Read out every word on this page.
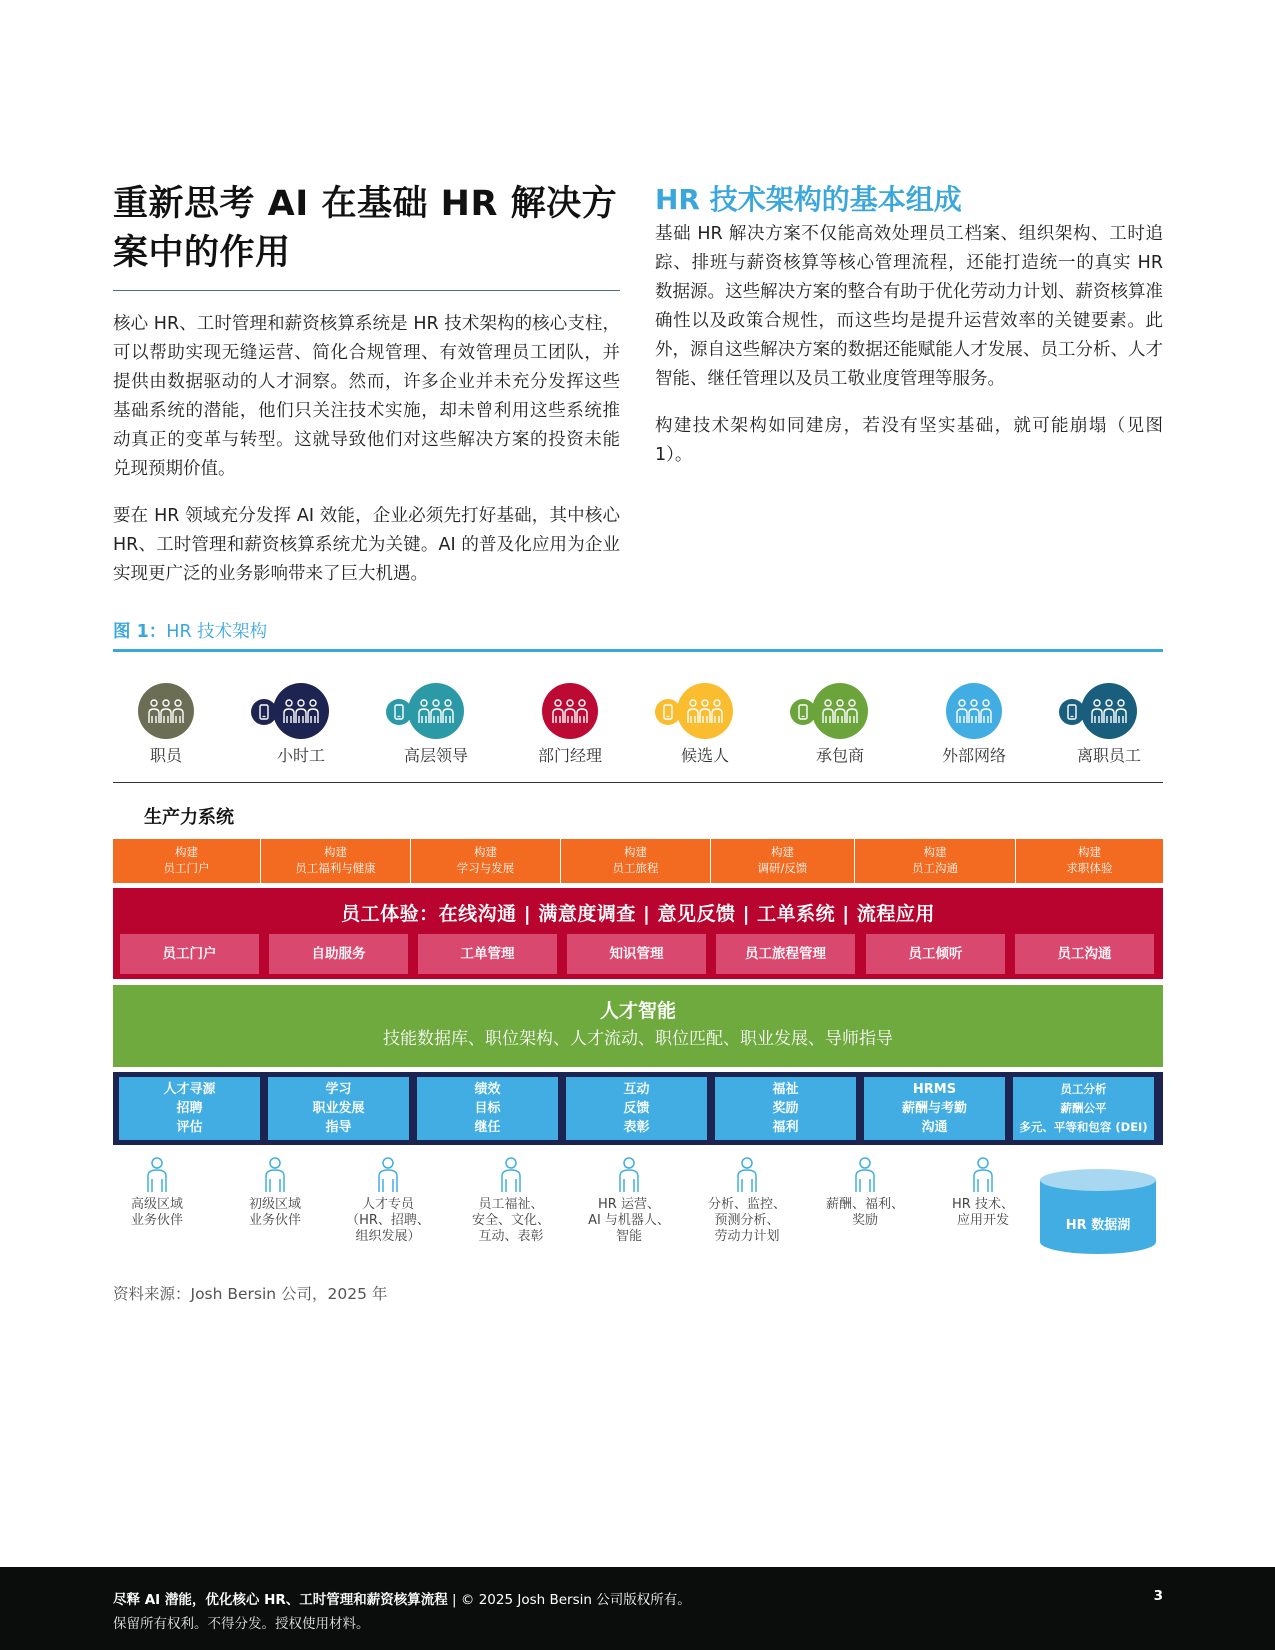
重新思考 AI 在基础 HR 解决方案中的作用

核心 HR、工时管理和薪资核算系统是 HR 技术架构的核心支柱，可以帮助实现无缝运营、简化合规管理、有效管理员工团队，并提供由数据驱动的人才洞察。然而，许多企业并未充分发挥这些基础系统的潜能，他们只关注技术实施，却未曾利用这些系统推动真正的变革与转型。这就导致他们对这些解决方案的投资未能兑现预期价值。

要在 HR 领域充分发挥 AI 效能，企业必须先打好基础，其中核心 HR、工时管理和薪资核算系统尤为关键。AI 的普及化应用为企业实现更广泛的业务影响带来了巨大机遇。

HR 技术架构的基本组成

基础 HR 解决方案不仅能高效处理员工档案、组织架构、工时追踪、排班与薪资核算等核心管理流程，还能打造统一的真实 HR 数据源。这些解决方案的整合有助于优化劳动力计划、薪资核算准确性以及政策合规性，而这些均是提升运营效率的关键要素。此外，源自这些解决方案的数据还能赋能人才发展、员工分析、人才智能、继任管理以及员工敬业度管理等服务。

构建技术架构如同建房，若没有坚实基础，就可能崩塌（见图 1）。

图 1：HR 技术架构
职员	小时工	高层领导	部门经理	候选人	承包商	外部网络	离职员工
生产力系统
构建
员工门户
构建
员工福利与健康
构建
学习与发展
构建
员工旅程
构建
调研/反馈
构建
员工沟通
构建
求职体验
员工体验：在线沟通 | 满意度调查 | 意见反馈 | 工单系统 | 流程应用
员工门户	自助服务	工单管理	知识管理	员工旅程管理	员工倾听	员工沟通
人才智能
技能数据库、职位架构、人才流动、职位匹配、职业发展、导师指导
人才寻源
招聘
评估
学习
职业发展
指导
绩效
目标
继任
互动
反馈
表彰
福祉
奖励
福利
HRMS
薪酬与考勤
沟通
员工分析
薪酬公平
多元、平等和包容 (DEI)
高级区域
业务伙伴
初级区域
业务伙伴
人才专员
（HR、招聘、
组织发展）
员工福祉、
安全、文化、
互动、表彰
HR 运营、
AI 与机器人、
智能
分析、监控、
预测分析、
劳动力计划
薪酬、福利、
奖励
HR 技术、
应用开发	HR 数据湖
资料来源：Josh Bersin 公司，2025 年
尽释 AI 潜能，优化核心 HR、工时管理和薪资核算流程 | © 2025 Josh Bersin 公司版权所有。
保留所有权利。不得分发。授权使用材料。
3
